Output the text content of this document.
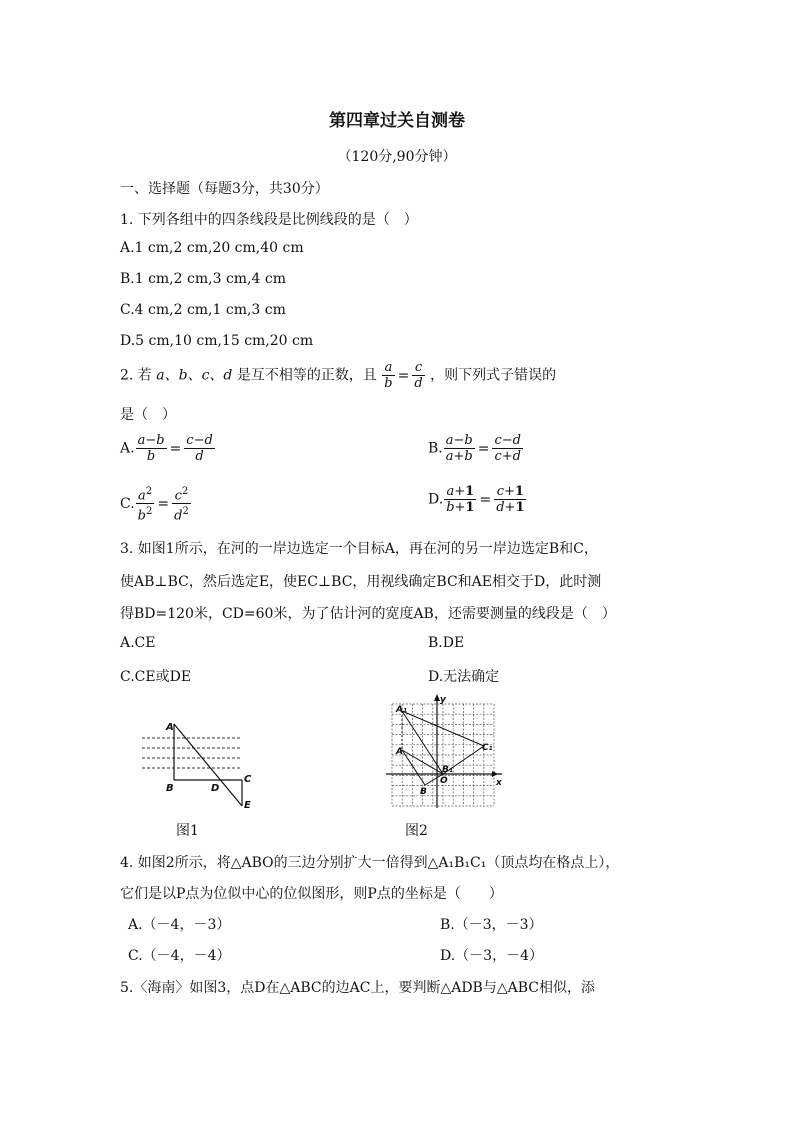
第四章过关自测卷
（120分,90分钟）
一、选择题（每题3分，共30分）
1. 下列各组中的四条线段是比例线段的是（　）
A.1 cm,2 cm,20 cm,40 cm
B.1 cm,2 cm,3 cm,4 cm
C.4 cm,2 cm,1 cm,3 cm
D.5 cm,10 cm,15 cm,20 cm
2. 若 a、b、c、d 是互不相等的正数，且 $\frac{a}{b} = \frac{c}{d}$ ，则下列式子错误的
是（　）
A. $\frac{a-b}{b} = \frac{c-d}{d}$	B. $\frac{a-b}{a+b} = \frac{c-d}{c+d}$
C. $\frac{a^2}{b^2} = \frac{c^2}{d^2}$	D. $\frac{a+1}{b+1} = \frac{c+1}{d+1}$
3. 如图1所示，在河的一岸边选定一个目标A，再在河的另一岸边选定B和C，
使AB⊥BC，然后选定E，使EC⊥BC，用视线确定BC和AE相交于D，此时测
得BD=120米，CD=60米，为了估计河的宽度AB，还需要测量的线段是（　）
A.CE	B.DE
C.CE或DE	D.无法确定
A
B
C
D
E
图1
A₁
A
B
B₁
C₁
O	x
y
图2
4. 如图2所示，将△ABO的三边分别扩大一倍得到△A₁B₁C₁（顶点均在格点上），
它们是以P点为位似中心的位似图形，则P点的坐标是（　　）
A.（－4，－3）	B.（－3，－3）
C.（－4，－4）	D.（－3，－4）
5.〈海南〉如图3，点D在△ABC的边AC上，要判断△ADB与△ABC相似，添
